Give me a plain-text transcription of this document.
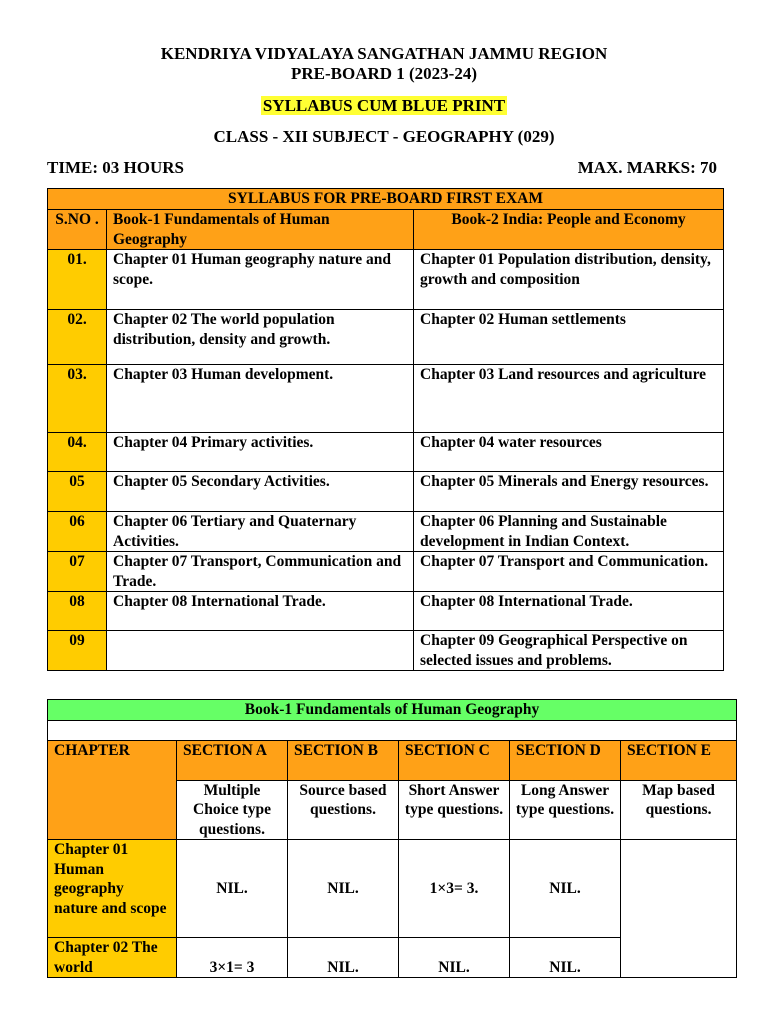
KENDRIYA VIDYALAYA SANGATHAN JAMMU REGION
PRE-BOARD 1 (2023-24)
SYLLABUS CUM BLUE PRINT
CLASS - XII SUBJECT - GEOGRAPHY (029)
TIME: 03 HOURS	MAX. MARKS: 70
SYLLABUS FOR PRE-BOARD FIRST EXAM		
S.NO .	Book-1 Fundamentals of Human Geography	Book-2 India: People and Economy
01.	Chapter 01 Human geography nature and scope.	Chapter 01 Population distribution, density, growth and composition
02.	Chapter 02 The world population distribution, density and growth.	Chapter 02 Human settlements
03.	Chapter 03 Human development.	Chapter 03 Land resources and agriculture
04.	Chapter 04 Primary activities.	Chapter 04 water resources
05	Chapter 05 Secondary Activities.	Chapter 05 Minerals and Energy resources.
06	Chapter 06 Tertiary and Quaternary Activities.	Chapter 06 Planning and Sustainable development in Indian Context.
07	Chapter 07 Transport, Communication and Trade.	Chapter 07 Transport and Communication.
08	Chapter 08 International Trade.	Chapter 08 International Trade.
09		Chapter 09 Geographical Perspective on selected issues and problems.
Book-1 Fundamentals of Human Geography					

CHAPTER	SECTION A	SECTION B	SECTION C	SECTION D	SECTION E
	Multiple Choice type questions.	Source based questions.	Short Answer type questions.	Long Answer type questions.	Map based questions.
Chapter 01 Human geography nature and scope	NIL.	NIL.	1×3= 3.	NIL.	
Chapter 02 The world	3×1= 3	NIL.	NIL.	NIL.	
